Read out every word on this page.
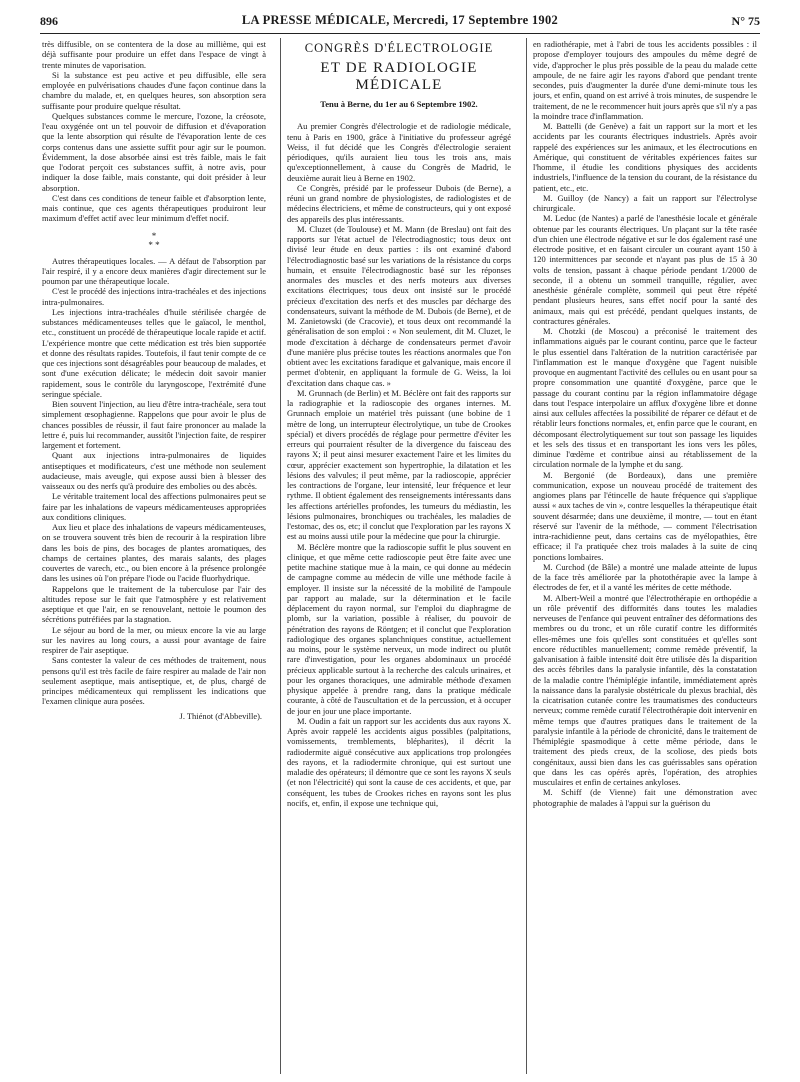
896	LA PRESSE MÉDICALE, Mercredi, 17 Septembre 1902	N° 75

très diffusible, on se contentera de la dose au millième, qui est déjà suffisante pour produire un effet dans l'espace de vingt à trente minutes de vaporisation.

Si la substance est peu active et peu diffusible, elle sera employée en pulvérisations chaudes d'une façon continue dans la chambre du malade, et, en quelques heures, son absorption sera suffisante pour produire quelque résultat.

Quelques substances comme le mercure, l'ozone, la créosote, l'eau oxygénée ont un tel pouvoir de diffusion et d'évaporation que la lente absorption qui résulte de l'évaporation lente de ces corps contenus dans une assiette suffit pour agir sur le poumon. Évidemment, la dose absorbée ainsi est très faible, mais le fait que l'odorat perçoit ces substances suffit, à notre avis, pour indiquer la dose faible, mais constante, qui doit présider à leur absorption.

C'est dans ces conditions de teneur faible et d'absorption lente, mais continue, que ces agents thérapeutiques produiront leur maximum d'effet actif avec leur minimum d'effet nocif.

*
* *

Autres thérapeutiques locales. — A défaut de l'absorption par l'air respiré, il y a encore deux manières d'agir directement sur le poumon par une thérapeutique locale.

C'est le procédé des injections intra-trachéales et des injections intra-pulmonaires.

Les injections intra-trachéales d'huile stérilisée chargée de substances médicamenteuses telles que le gaïacol, le menthol, etc., constituent un procédé de thérapeutique locale rapide et actif. L'expérience montre que cette médication est très bien supportée et donne des résultats rapides. Toutefois, il faut tenir compte de ce que ces injections sont désagréables pour beaucoup de malades, et sont d'une exécution délicate; le médecin doit savoir manier rapidement, sous le contrôle du laryngoscope, l'extrémité d'une seringue spéciale.

Bien souvent l'injection, au lieu d'être intra-trachéale, sera tout simplement œsophagienne. Rappelons que pour avoir le plus de chances possibles de réussir, il faut faire prononcer au malade la lettre é, puis lui recommander, aussitôt l'injection faite, de respirer largement et fortement.

Quant aux injections intra-pulmonaires de liquides antiseptiques et modificateurs, c'est une méthode non seulement audacieuse, mais aveugle, qui expose aussi bien à blesser des vaisseaux ou des nerfs qu'à produire des embolies ou des abcès.

Le véritable traitement local des affections pulmonaires peut se faire par les inhalations de vapeurs médicamenteuses appropriées aux conditions cliniques.

Aux lieu et place des inhalations de vapeurs médicamenteuses, on se trouvera souvent très bien de recourir à la respiration libre dans les bois de pins, des bocages de plantes aromatiques, des champs de certaines plantes, des marais salants, des plages couvertes de varech, etc., ou bien encore à la présence prolongée dans les usines où l'on prépare l'iode ou l'acide fluorhydrique.

Rappelons que le traitement de la tuberculose par l'air des altitudes repose sur le fait que l'atmosphère y est relativement aseptique et que l'air, en se renouvelant, nettoie le poumon des sécrétions putréfiées par la stagnation.

Le séjour au bord de la mer, ou mieux encore la vie au large sur les navires au long cours, a aussi pour avantage de faire respirer de l'air aseptique.

Sans contester la valeur de ces méthodes de traitement, nous pensons qu'il est très facile de faire respirer au malade de l'air non seulement aseptique, mais antiseptique, et, de plus, chargé de principes médicamenteux qui remplissent les indications que l'examen clinique aura posées.

J. Thiénot (d'Abbeville).

CONGRÈS D'ÉLECTROLOGIE
ET DE RADIOLOGIE MÉDICALE
Tenu à Berne, du 1er au 6 Septembre 1902.

Au premier Congrès d'électrologie et de radiologie médicale, tenu à Paris en 1900, grâce à l'initiative du professeur agrégé Weiss, il fut décidé que les Congrès d'électrologie seraient périodiques, qu'ils auraient lieu tous les trois ans, mais qu'exceptionnellement, à cause du Congrès de Madrid, le deuxième aurait lieu à Berne en 1902.

Ce Congrès, présidé par le professeur Dubois (de Berne), a réuni un grand nombre de physiologistes, de radiologistes et de médecins électriciens, et même de constructeurs, qui y ont exposé des appareils des plus intéressants.

M. Cluzet (de Toulouse) et M. Mann (de Breslau) ont fait des rapports sur l'état actuel de l'électrodiagnostic; tous deux ont divisé leur étude en deux parties : ils ont examiné d'abord l'électrodiagnostic basé sur les variations de la résistance du corps humain, et ensuite l'électrodiagnostic basé sur les réponses anormales des muscles et des nerfs moteurs aux diverses excitations électriques; tous deux ont insisté sur le procédé précieux d'excitation des nerfs et des muscles par décharge des condensateurs, suivant la méthode de M. Dubois (de Berne), et de M. Zanietowski (de Cracovie), et tous deux ont recommandé la généralisation de son emploi : « Non seulement, dit M. Cluzet, le mode d'excitation à décharge de condensateurs permet d'avoir d'une manière plus précise toutes les réactions anormales que l'on obtient avec les excitations faradique et galvanique, mais encore il permet d'obtenir, en appliquant la formule de G. Weiss, la loi d'excitation dans chaque cas. »

M. Grunnach (de Berlin) et M. Béclère ont fait des rapports sur la radiographie et la radioscopie des organes internes. M. Grunnach emploie un matériel très puissant (une bobine de 1 mètre de long, un interrupteur électrolytique, un tube de Crookes spécial) et divers procédés de réglage pour permettre d'éviter les erreurs qui pourraient résulter de la divergence du faisceau des rayons X; il peut ainsi mesurer exactement l'aire et les limites du cœur, apprécier exactement son hypertrophie, la dilatation et les lésions des valvules; il peut même, par la radioscopie, apprécier les contractions de l'organe, leur intensité, leur fréquence et leur rythme. Il obtient également des renseignements intéressants dans les affections artérielles profondes, les tumeurs du médiastin, les lésions pulmonaires, bronchiques ou trachéales, les maladies de l'estomac, des os, etc; il conclut que l'exploration par les rayons X est au moins aussi utile pour la médecine que pour la chirurgie.

M. Béclère montre que la radioscopie suffit le plus souvent en clinique, et que même cette radioscopie peut être faite avec une petite machine statique mue à la main, ce qui donne au médecin de campagne comme au médecin de ville une méthode facile à employer. Il insiste sur la nécessité de la mobilité de l'ampoule par rapport au malade, sur la détermination et le facile déplacement du rayon normal, sur l'emploi du diaphragme de plomb, sur la variation, possible à réaliser, du pouvoir de pénétration des rayons de Röntgen; et il conclut que l'exploration radiologique des organes splanchniques constitue, actuellement au moins, pour le système nerveux, un mode indirect ou plutôt rare d'investigation, pour les organes abdominaux un procédé précieux applicable surtout à la recherche des calculs urinaires, et pour les organes thoraciques, une admirable méthode d'examen physique appelée à prendre rang, dans la pratique médicale courante, à côté de l'auscultation et de la percussion, et à occuper de jour en jour une place importante.

M. Oudin a fait un rapport sur les accidents dus aux rayons X. Après avoir rappelé les accidents aigus possibles (palpitations, vomissements, tremblements, blépharites), il décrit la radiodermite aiguë consécutive aux applications trop prolongées des rayons, et la radiodermite chronique, qui est surtout une maladie des opérateurs; il démontre que ce sont les rayons X seuls (et non l'électricité) qui sont la cause de ces accidents, et que, par conséquent, les tubes de Crookes riches en rayons sont les plus nocifs, et, enfin, il expose une technique qui,

en radiothérapie, met à l'abri de tous les accidents possibles : il propose d'employer toujours des ampoules du même degré de vide, d'approcher le plus près possible de la peau du malade cette ampoule, de ne faire agir les rayons d'abord que pendant trente secondes, puis d'augmenter la durée d'une demi-minute tous les jours, et enfin, quand on est arrivé à trois minutes, de suspendre le traitement, de ne le recommencer huit jours après que s'il n'y a pas la moindre trace d'inflammation.

M. Battelli (de Genève) a fait un rapport sur la mort et les accidents par les courants électriques industriels. Après avoir rappelé des expériences sur les animaux, et les électrocutions en Amérique, qui constituent de véritables expériences faites sur l'homme, il étudie les conditions physiques des accidents industriels, l'influence de la tension du courant, de la résistance du patient, etc., etc.

M. Guilloy (de Nancy) a fait un rapport sur l'électrolyse chirurgicale.

M. Leduc (de Nantes) a parlé de l'anesthésie locale et générale obtenue par les courants électriques. Un plaçant sur la tête rasée d'un chien une électrode négative et sur le dos également rasé une électrode positive, et en faisant circuler un courant ayant 150 à 120 intermittences par seconde et n'ayant pas plus de 15 à 30 volts de tension, passant à chaque période pendant 1/2000 de seconde, il a obtenu un sommeil tranquille, régulier, avec anesthésie générale complète, sommeil qui peut être répété pendant plusieurs heures, sans effet nocif pour la santé des animaux, mais qui est précédé, pendant quelques instants, de contractures générales.

M. Chotzki (de Moscou) a préconisé le traitement des inflammations aiguës par le courant continu, parce que le facteur le plus essentiel dans l'altération de la nutrition caractérisée par l'inflammation est le manque d'oxygène que l'agent nuisible provoque en augmentant l'activité des cellules ou en usant pour sa propre consommation une quantité d'oxygène, parce que le passage du courant continu par la région inflammatoire dégage dans tout l'espace interpolaire un afflux d'oxygène libre et donne ainsi aux cellules affectées la possibilité de réparer ce défaut et de rétablir leurs fonctions normales, et, enfin parce que le courant, en décomposant électrolytiquement sur tout son passage les liquides et les sels des tissus et en transportant les ions vers les pôles, diminue l'œdème et contribue ainsi au rétablissement de la circulation normale de la lymphe et du sang.

M. Bergonié (de Bordeaux), dans une première communication, expose un nouveau procédé de traitement des angiomes plans par l'étincelle de haute fréquence qui s'applique aussi « aux taches de vin », contre lesquelles la thérapeutique était souvent désarmée; dans une deuxième, il montre, — tout en étant réservé sur l'avenir de la méthode, — comment l'électrisation intra-rachidienne peut, dans certains cas de myélopathies, être efficace; il l'a pratiquée chez trois malades à la suite de cinq ponctions lombaires.

M. Curchod (de Bâle) a montré une malade atteinte de lupus de la face très améliorée par la photothérapie avec la lampe à électrodes de fer, et il a vanté les mérites de cette méthode.

M. Albert-Weil a montré que l'électrothérapie en orthopédie a un rôle préventif des difformités dans toutes les maladies nerveuses de l'enfance qui peuvent entraîner des déformations des membres ou du tronc, et un rôle curatif contre les difformités elles-mêmes une fois qu'elles sont constituées et qu'elles sont encore réductibles manuellement; comme remède préventif, la galvanisation à faible intensité doit être utilisée dès la disparition des accès fébriles dans la paralysie infantile, dès la constatation de la maladie contre l'hémiplégie infantile, immédiatement après la naissance dans la paralysie obstétricale du plexus brachial, dès la cicatrisation cutanée contre les traumatismes des conducteurs nerveux; comme remède curatif l'électrothérapie doit intervenir en même temps que d'autres pratiques dans le traitement de la paralysie infantile à la période de chronicité, dans le traitement de l'hémiplégie spasmodique à cette même période, dans le traitement des pieds creux, de la scoliose, des pieds bots congénitaux, aussi bien dans les cas guérissables sans opération que dans les cas opérés après, l'opération, des atrophies musculaires et enfin de certaines ankyloses.

M. Schiff (de Vienne) fait une démonstration avec photographie de malades à l'appui sur la guérison du
